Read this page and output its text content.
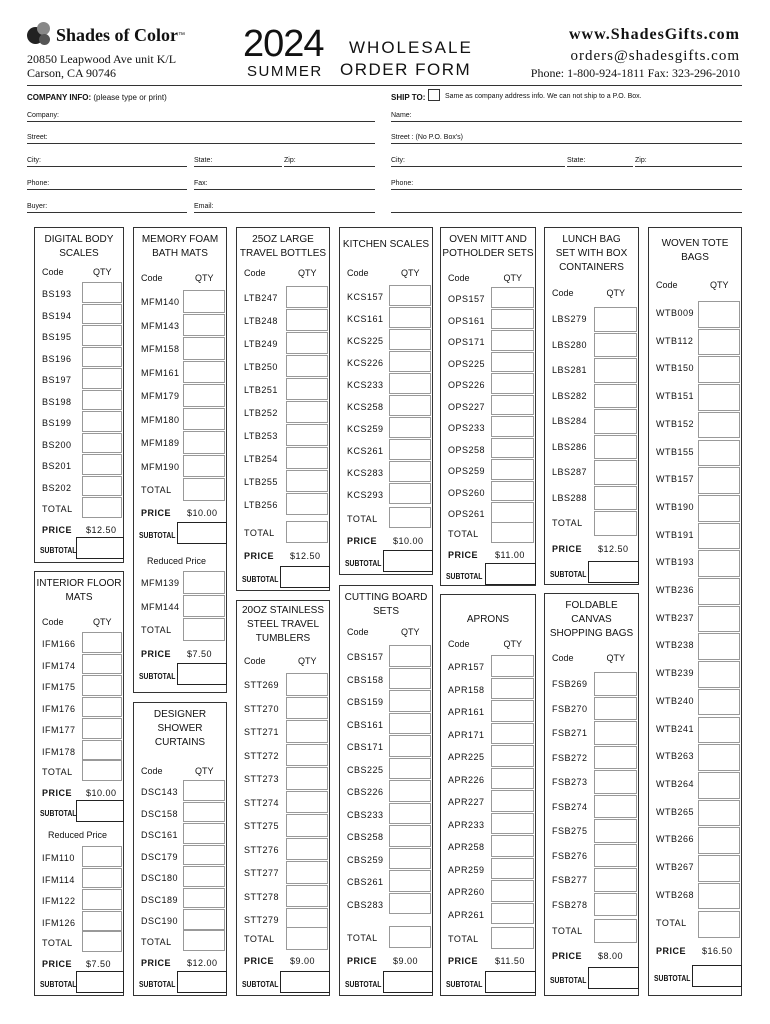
Shades of Color ™
20850 Leapwood Ave unit K/L
Carson, CA 90746
2024
SUMMER
WHOLESALE
ORDER FORM
www.ShadesGifts.com
orders@shadesgifts.com
Phone: 1-800-924-1811 Fax: 323-296-2010
COMPANY INFO: (please type or print)	SHIP TO:	Same as company address info. We can not ship to a P.O. Box.
Company:
Street:
City:	State:	Zip:
Phone:	Fax:
Buyer:	Email:
Name:
Street : (No P.O. Box's)
City:	State:	Zip:
Phone:
DIGITAL BODY
SCALES
Code	QTY
BS193
BS194
BS195
BS196
BS197
BS198
BS199
BS200
BS201
BS202
TOTAL
PRICE $12.50
SUBTOTAL
INTERIOR FLOOR
MATS
Code	QTY
IFM166
IFM174
IFM175
IFM176
IFM177
IFM178
TOTAL
PRICE $10.00
SUBTOTAL
Reduced Price
IFM110
IFM114
IFM122
IFM126
TOTAL
PRICE $7.50
SUBTOTAL
MEMORY FOAM
BATH MATS
Code	QTY
MFM140
MFM143
MFM158
MFM161
MFM179
MFM180
MFM189
MFM190
TOTAL
PRICE $10.00
SUBTOTAL
Reduced Price
MFM139
MFM144
TOTAL
PRICE $7.50
SUBTOTAL
DESIGNER
SHOWER
CURTAINS
Code	QTY
DSC143
DSC158
DSC161
DSC179
DSC180
DSC189
DSC190
TOTAL
PRICE $12.00
SUBTOTAL
25OZ LARGE
TRAVEL BOTTLES
Code	QTY
LTB247
LTB248
LTB249
LTB250
LTB251
LTB252
LTB253
LTB254
LTB255
LTB256
TOTAL
PRICE $12.50
SUBTOTAL
20OZ STAINLESS
STEEL TRAVEL
TUMBLERS
Code	QTY
STT269
STT270
STT271
STT272
STT273
STT274
STT275
STT276
STT277
STT278
STT279
TOTAL
PRICE $9.00
SUBTOTAL
KITCHEN SCALES
Code	QTY
KCS157
KCS161
KCS225
KCS226
KCS233
KCS258
KCS259
KCS261
KCS283
KCS293
TOTAL
PRICE $10.00
SUBTOTAL
CUTTING BOARD
SETS
Code	QTY
CBS157
CBS158
CBS159
CBS161
CBS171
CBS225
CBS226
CBS233
CBS258
CBS259
CBS261
CBS283
TOTAL
PRICE $9.00
SUBTOTAL
OVEN MITT AND
POTHOLDER SETS
Code	QTY
OPS157
OPS161
OPS171
OPS225
OPS226
OPS227
OPS233
OPS258
OPS259
OPS260
OPS261
TOTAL
PRICE $11.00
SUBTOTAL
APRONS
Code	QTY
APR157
APR158
APR161
APR171
APR225
APR226
APR227
APR233
APR258
APR259
APR260
APR261
TOTAL
PRICE $11.50
SUBTOTAL
LUNCH BAG
SET WITH BOX
CONTAINERS
Code	QTY
LBS279
LBS280
LBS281
LBS282
LBS284
LBS286
LBS287
LBS288
TOTAL
PRICE $12.50
SUBTOTAL
FOLDABLE
CANVAS
SHOPPING BAGS
Code	QTY
FSB269
FSB270
FSB271
FSB272
FSB273
FSB274
FSB275
FSB276
FSB277
FSB278
TOTAL
PRICE $8.00
SUBTOTAL
WOVEN TOTE
BAGS
Code	QTY
WTB009
WTB112
WTB150
WTB151
WTB152
WTB155
WTB157
WTB190
WTB191
WTB193
WTB236
WTB237
WTB238
WTB239
WTB240
WTB241
WTB263
WTB264
WTB265
WTB266
WTB267
WTB268
TOTAL
PRICE $16.50
SUBTOTAL
